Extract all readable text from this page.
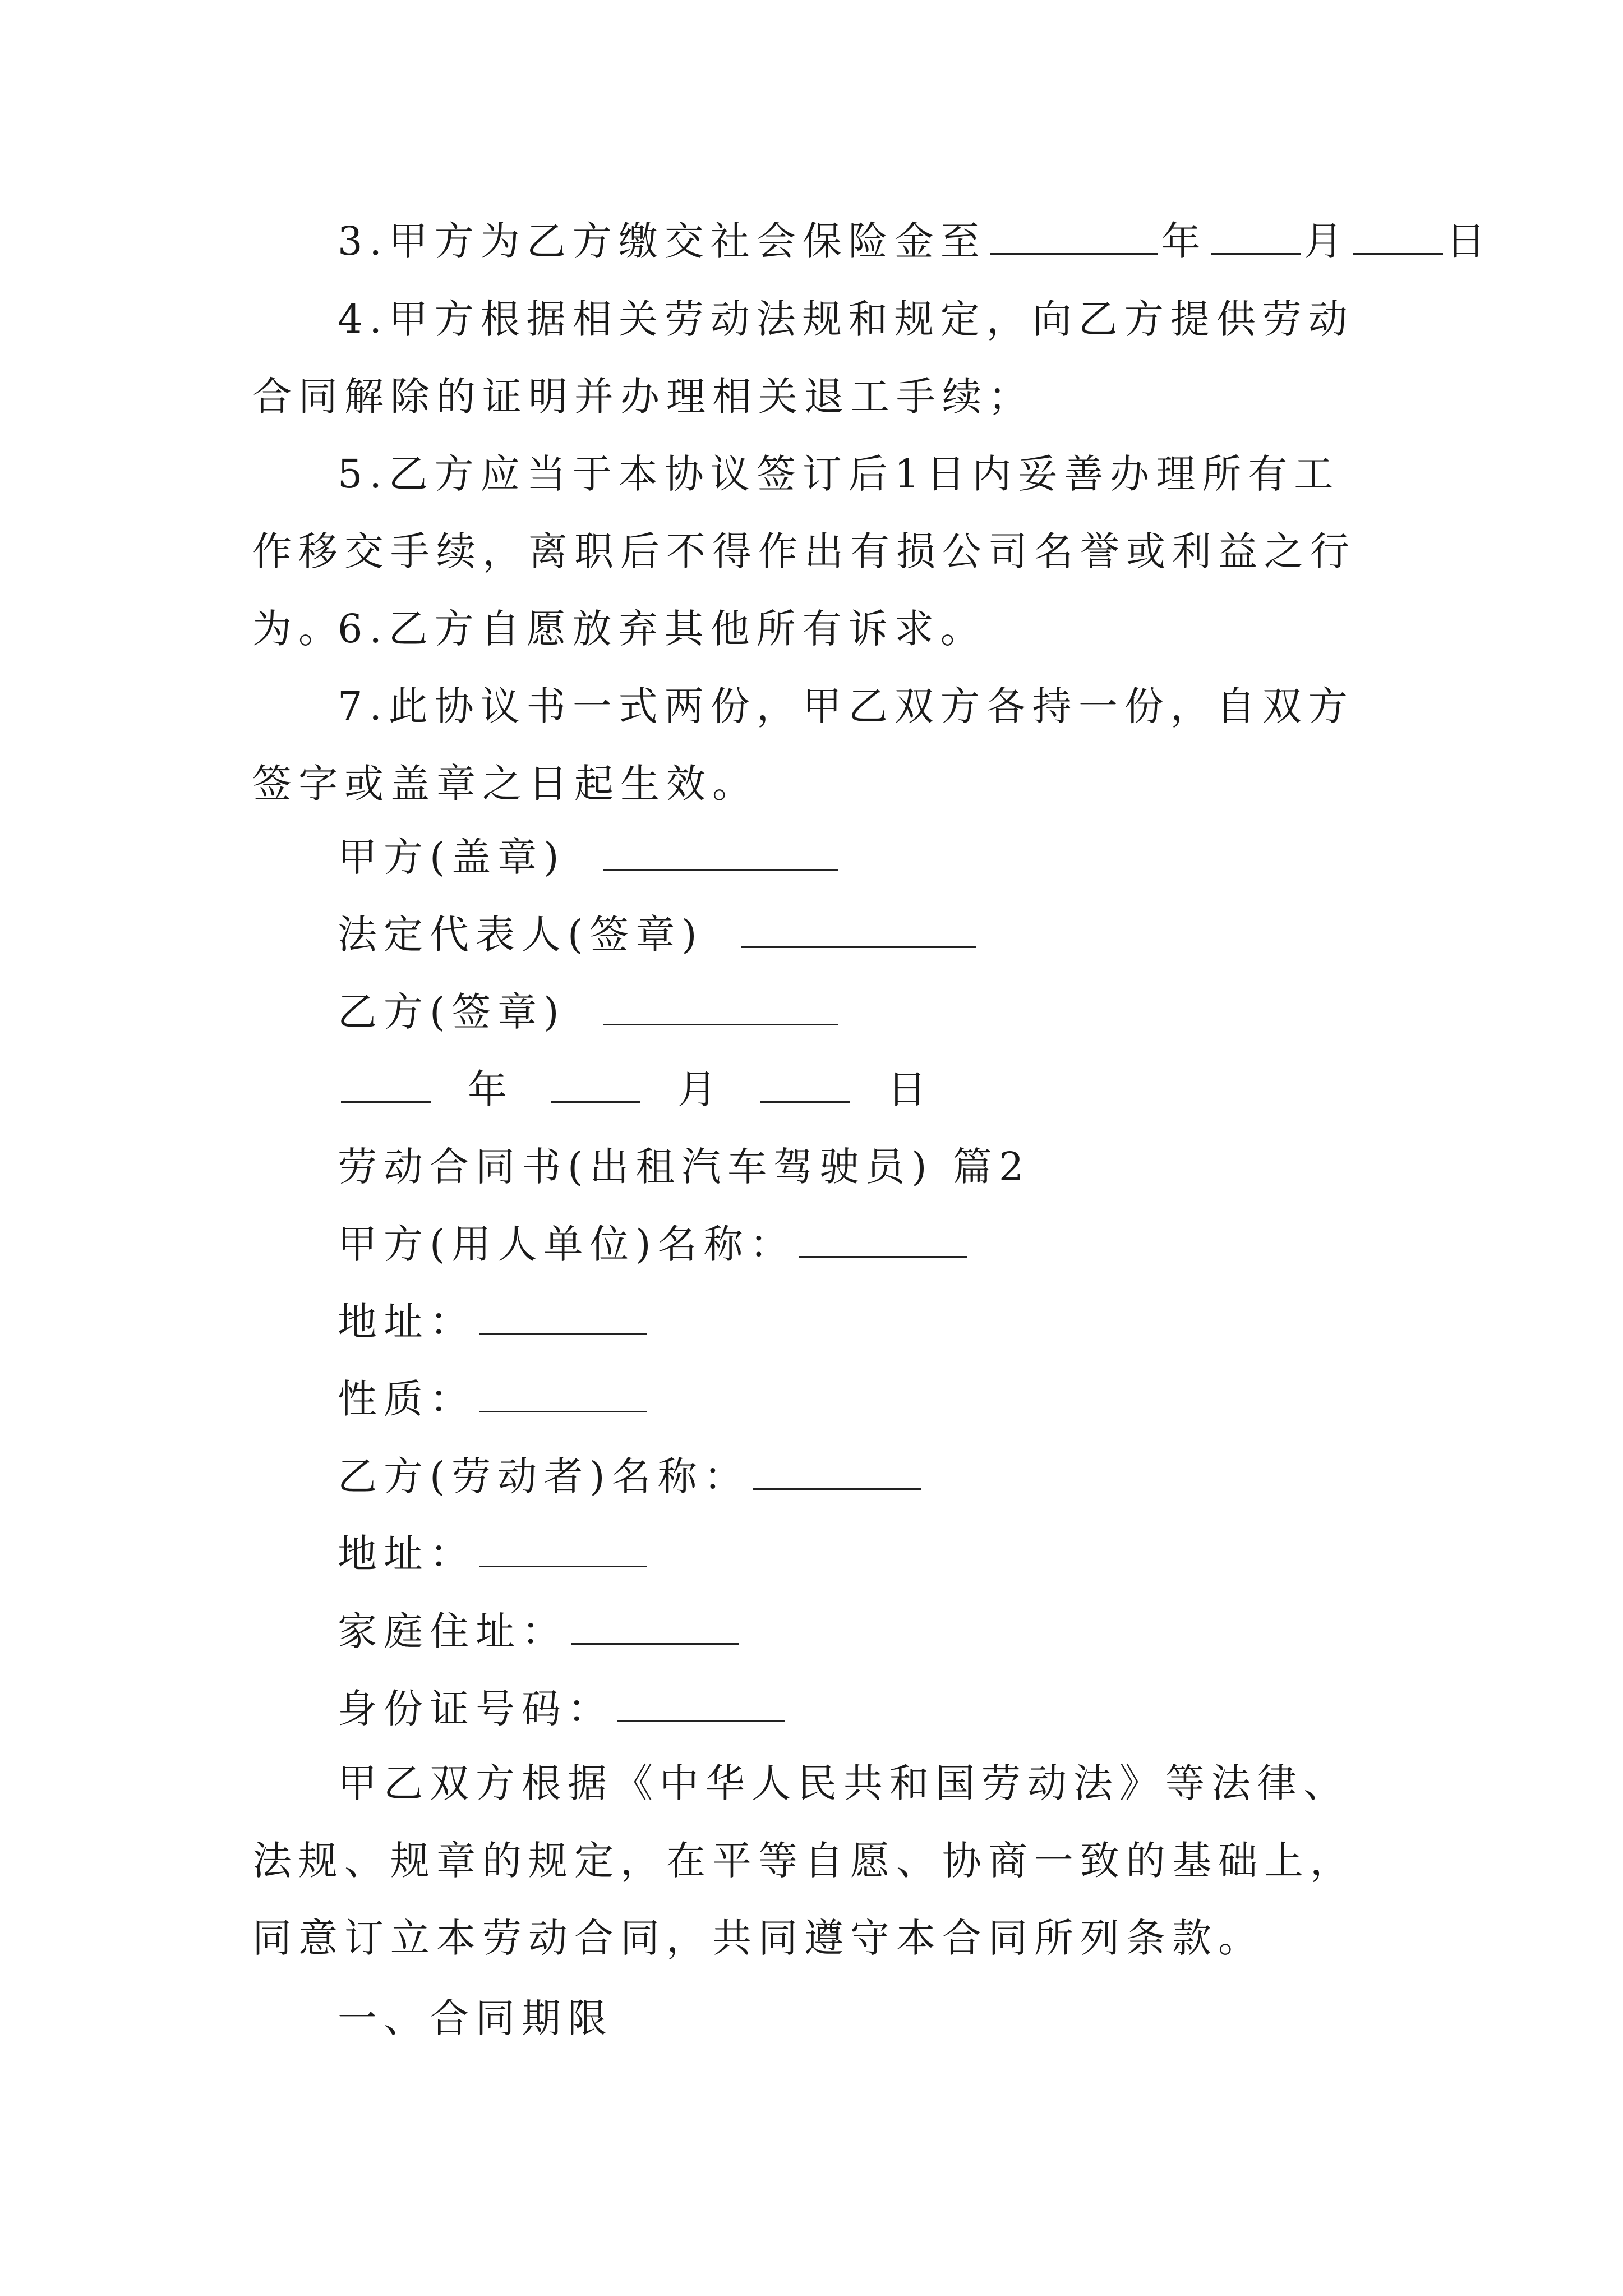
3.甲方为乙方缴交社会保险金至	年 月 日
4.甲方根据相关劳动法规和规定，向乙方提供劳动合同解除的证明并办理相关退工手续；
5.乙方应当于本协议签订后1日内妥善办理所有工作移交手续，离职后不得作出有损公司名誉或利益之行为。
6.乙方自愿放弃其他所有诉求。
7.此协议书一式两份，甲乙双方各持一份，自双方签字或盖章之日起生效。
甲方(盖章)
法定代表人(签章)
乙方(签章)
年	月	日
劳动合同书(出租汽车驾驶员) 篇2
甲方(用人单位)名称：
地址：
性质：
乙方(劳动者)名称：
地址：
家庭住址：
身份证号码：
甲乙双方根据《中华人民共和国劳动法》等法律、法规、规章的规定，在平等自愿、协商一致的基础上，同意订立本劳动合同，共同遵守本合同所列条款。
一、合同期限
